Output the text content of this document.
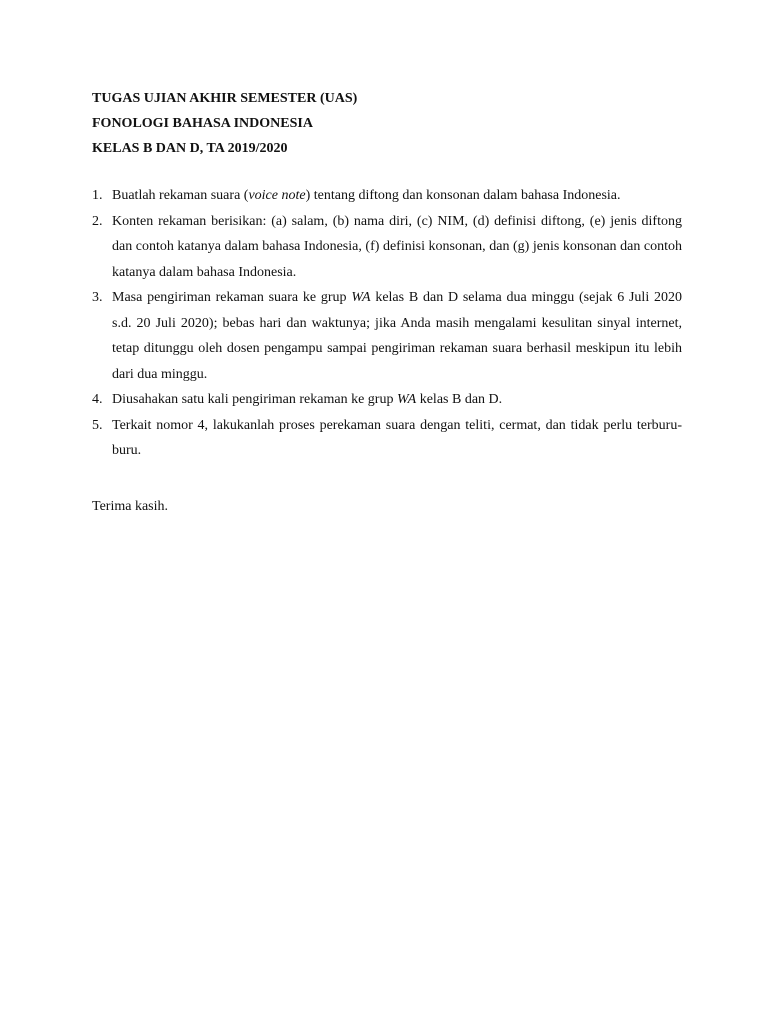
TUGAS UJIAN AKHIR SEMESTER (UAS)

FONOLOGI BAHASA INDONESIA

KELAS B DAN D, TA 2019/2020

1. Buatlah rekaman suara (voice note) tentang diftong dan konsonan dalam bahasa Indonesia.
2. Konten rekaman berisikan: (a) salam, (b) nama diri, (c) NIM, (d) definisi diftong, (e) jenis diftong dan contoh katanya dalam bahasa Indonesia, (f) definisi konsonan, dan (g) jenis konsonan dan contoh katanya dalam bahasa Indonesia.
3. Masa pengiriman rekaman suara ke grup WA kelas B dan D selama dua minggu (sejak 6 Juli 2020 s.d. 20 Juli 2020); bebas hari dan waktunya; jika Anda masih mengalami kesulitan sinyal internet, tetap ditunggu oleh dosen pengampu sampai pengiriman rekaman suara berhasil meskipun itu lebih dari dua minggu.
4. Diusahakan satu kali pengiriman rekaman ke grup WA kelas B dan D.
5. Terkait nomor 4, lakukanlah proses perekaman suara dengan teliti, cermat, dan tidak perlu terburu-buru.

Terima kasih.
